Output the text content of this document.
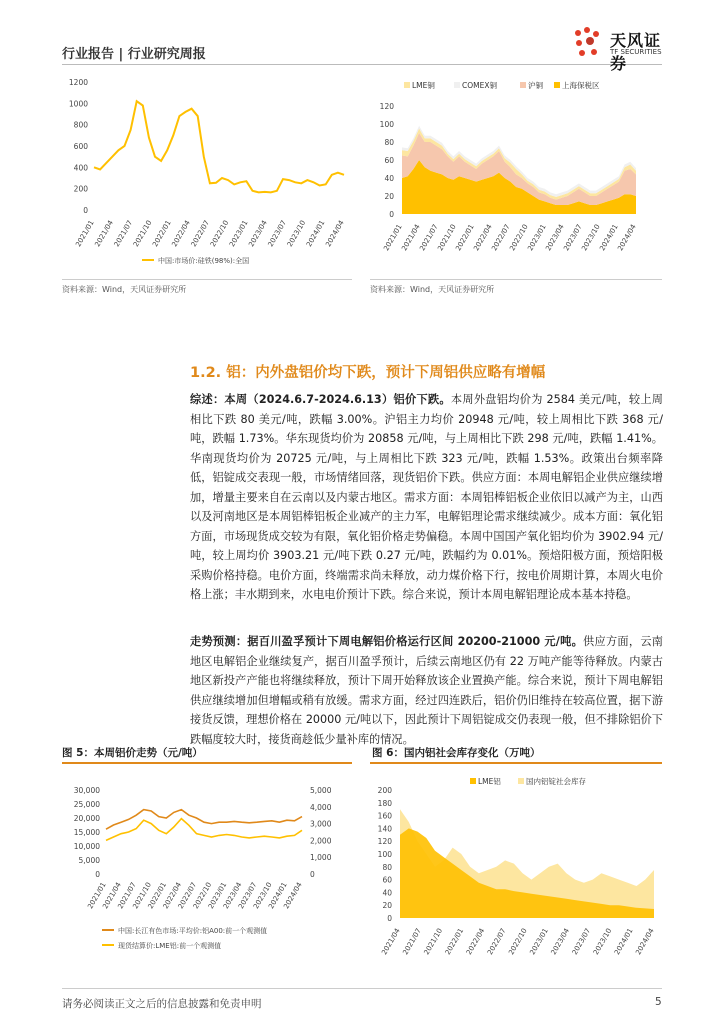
行业报告 | 行业研究周报
天风证券
TF SECURITIES
1200
1000
800
600
400
200
0
2021/01
2021/04
2021/07
2021/10
2022/01
2022/04
2022/07
2022/10
2023/01
2023/04
2023/07
2023/10
2024/01
2024/04
中国:市场价:硅铁(98%):全国
资料来源：Wind，天风证券研究所
LME铜	COMEX铜	沪铜	上海保税区
120
100
80
60
40
20
0
2021/01
2021/04
2021/07
2021/10
2022/01
2022/04
2022/07
2022/10
2023/01
2023/04
2023/07
2023/10
2024/01
2024/04
资料来源：Wind，天风证券研究所
1.2. 铝：内外盘铝价均下跌，预计下周铝供应略有增幅
综述：本周（2024.6.7-2024.6.13）铝价下跌。本周外盘铝均价为 2584 美元/吨，较上周相比下跌 80 美元/吨，跌幅 3.00%。沪铝主力均价 20948 元/吨，较上周相比下跌 368 元/吨，跌幅 1.73%。华东现货均价为 20858 元/吨，与上周相比下跌 298 元/吨，跌幅 1.41%。华南现货均价为 20725 元/吨，与上周相比下跌 323 元/吨，跌幅 1.53%。政策出台频率降低，铝锭成交表现一般，市场情绪回落，现货铝价下跌。供应方面：本周电解铝企业供应继续增加，增量主要来自在云南以及内蒙古地区。需求方面：本周铝棒铝板企业依旧以减产为主，山西以及河南地区是本周铝棒铝板企业减产的主力军，电解铝理论需求继续减少。成本方面：氧化铝方面，市场现货成交较为有限，氧化铝价格走势偏稳。本周中国国产氧化铝均价为 3902.94 元/吨，较上周均价 3903.21 元/吨下跌 0.27 元/吨，跌幅约为 0.01%。预焙阳极方面，预焙阳极采购价格持稳。电价方面，终端需求尚未释放，动力煤价格下行，按电价周期计算，本周火电价格上涨；丰水期到来，水电电价预计下跌。综合来说，预计本周电解铝理论成本基本持稳。
走势预测：据百川盈孚预计下周电解铝价格运行区间 20200-21000 元/吨。供应方面，云南地区电解铝企业继续复产，据百川盈孚预计，后续云南地区仍有 22 万吨产能等待释放。内蒙古地区新投产产能也将继续释放，预计下周开始释放该企业置换产能。综合来说，预计下周电解铝供应继续增加但增幅或稍有放缓。需求方面，经过四连跌后，铝价仍旧维持在较高位置，据下游接货反馈，理想价格在 20000 元/吨以下，因此预计下周铝锭成交仍表现一般，但不排除铝价下跌幅度较大时，接货商趁低少量补库的情况。
图 5：本周铝价走势（元/吨）
30,000
25,000
20,000
15,000
10,000
5,000
0
5,000
4,000
3,000
2,000
1,000
0
2021/01
2021/04
2021/07
2021/10
2022/01
2022/04
2022/07
2022/10
2023/01
2023/04
2023/07
2023/10
2024/01
2024/04
中国:长江有色市场:平均价:铝A00:前一个观测值
现货结算价:LME铝:前一个观测值
图 6：国内铝社会库存变化（万吨）
LME铝	国内铝锭社会库存
200
180
160
140
120
100
80
60
40
20
0
2021/04 2021/07 2021/10 2022/01 2022/04 2022/07 2022/10 2023/01 2023/04 2023/07 2023/10 2024/01 2024/04
请务必阅读正文之后的信息披露和免责申明	5
